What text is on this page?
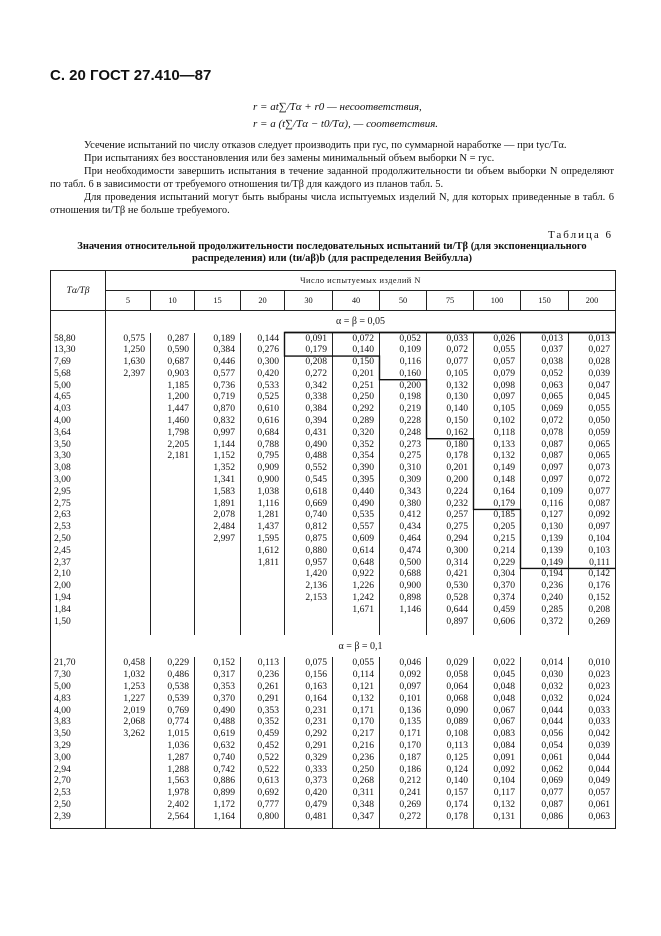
С. 20 ГОСТ 27.410—87
r = at∑/Tα + r0 — несоответствия,
r = a (t∑/Tα − t0/Tα), — соответствия.

Усечение испытаний по числу отказов следует производить при rус, по суммарной наработке — при tус/Tα.

При испытаниях без восстановления или без замены минимальный объем выборки N = rус.

При необходимости завершить испытания в течение заданной продолжительности tи объем выборки N определяют по табл. 6 в зависимости от требуемого отношения tи/Tβ для каждого из планов табл. 5.

Для проведения испытаний могут быть выбраны числа испытуемых изделий N, для которых приведенные в табл. 6 отношения tи/Tβ не больше требуемого.

Таблица 6
Значения относительной продолжительности последовательных испытаний tи/Tβ (для экспоненциального
распределения) или (tи/aβ)b (для распределения Вейбулла)
Tα/Tβ	Число испытуемых изделий N										
	5	10	15	20	30	40	50	75	100	150	200
	α = β = 0,05										
58,80	0,575	0,287	0,189	0,144	0,091	0,072	0,052	0,033	0,026	0,013	0,013
13,30	1,250	0,590	0,384	0,276	0,179	0,140	0,109	0,072	0,055	0,037	0,027
7,69	1,630	0,687	0,446	0,300	0,208	0,150	0,116	0,077	0,057	0,038	0,028
5,68	2,397	0,903	0,577	0,420	0,272	0,201	0,160	0,105	0,079	0,052	0,039
5,00		1,185	0,736	0,533	0,342	0,251	0,200	0,132	0,098	0,063	0,047
4,65		1,200	0,719	0,525	0,338	0,250	0,198	0,130	0,097	0,065	0,045
4,03		1,447	0,870	0,610	0,384	0,292	0,219	0,140	0,105	0,069	0,055
4,00		1,460	0,832	0,616	0,394	0,289	0,228	0,150	0,102	0,072	0,050
3,64		1,798	0,997	0,684	0,431	0,320	0,248	0,162	0,118	0,078	0,059
3,50		2,205	1,144	0,788	0,490	0,352	0,273	0,180	0,133	0,087	0,065
3,30		2,181	1,152	0,795	0,488	0,354	0,275	0,178	0,132	0,087	0,065
3,08			1,352	0,909	0,552	0,390	0,310	0,201	0,149	0,097	0,073
3,00			1,341	0,900	0,545	0,395	0,309	0,200	0,148	0,097	0,072
2,95			1,583	1,038	0,618	0,440	0,343	0,224	0,164	0,109	0,077
2,75			1,891	1,116	0,669	0,490	0,380	0,232	0,179	0,116	0,087
2,63			2,078	1,281	0,740	0,535	0,412	0,257	0,185	0,127	0,092
2,53			2,484	1,437	0,812	0,557	0,434	0,275	0,205	0,130	0,097
2,50			2,997	1,595	0,875	0,609	0,464	0,294	0,215	0,139	0,104
2,45				1,612	0,880	0,614	0,474	0,300	0,214	0,139	0,103
2,37				1,811	0,957	0,648	0,500	0,314	0,229	0,149	0,111
2,10					1,420	0,922	0,688	0,421	0,304	0,194	0,142
2,00					2,136	1,226	0,900	0,530	0,370	0,236	0,176
1,94					2,153	1,242	0,898	0,528	0,374	0,240	0,152
1,84						1,671	1,146	0,644	0,459	0,285	0,208
1,50								0,897	0,606	0,372	0,269

	α = β = 0,1										
21,70	0,458	0,229	0,152	0,113	0,075	0,055	0,046	0,029	0,022	0,014	0,010
7,30	1,032	0,486	0,317	0,236	0,156	0,114	0,092	0,058	0,045	0,030	0,023
5,00	1,253	0,538	0,353	0,261	0,163	0,121	0,097	0,064	0,048	0,032	0,023
4,83	1,227	0,539	0,370	0,291	0,164	0,132	0,101	0,068	0,048	0,032	0,024
4,00	2,019	0,769	0,490	0,353	0,231	0,171	0,136	0,090	0,067	0,044	0,033
3,83	2,068	0,774	0,488	0,352	0,231	0,170	0,135	0,089	0,067	0,044	0,033
3,50	3,262	1,015	0,619	0,459	0,292	0,217	0,171	0,108	0,083	0,056	0,042
3,29		1,036	0,632	0,452	0,291	0,216	0,170	0,113	0,084	0,054	0,039
3,00		1,287	0,740	0,522	0,329	0,236	0,187	0,125	0,091	0,061	0,044
2,94		1,288	0,742	0,522	0,333	0,250	0,186	0,124	0,092	0,062	0,044
2,70		1,563	0,886	0,613	0,373	0,268	0,212	0,140	0,104	0,069	0,049
2,53		1,978	0,899	0,692	0,420	0,311	0,241	0,157	0,117	0,077	0,057
2,50		2,402	1,172	0,777	0,479	0,348	0,269	0,174	0,132	0,087	0,061
2,39		2,564	1,164	0,800	0,481	0,347	0,272	0,178	0,131	0,086	0,063
